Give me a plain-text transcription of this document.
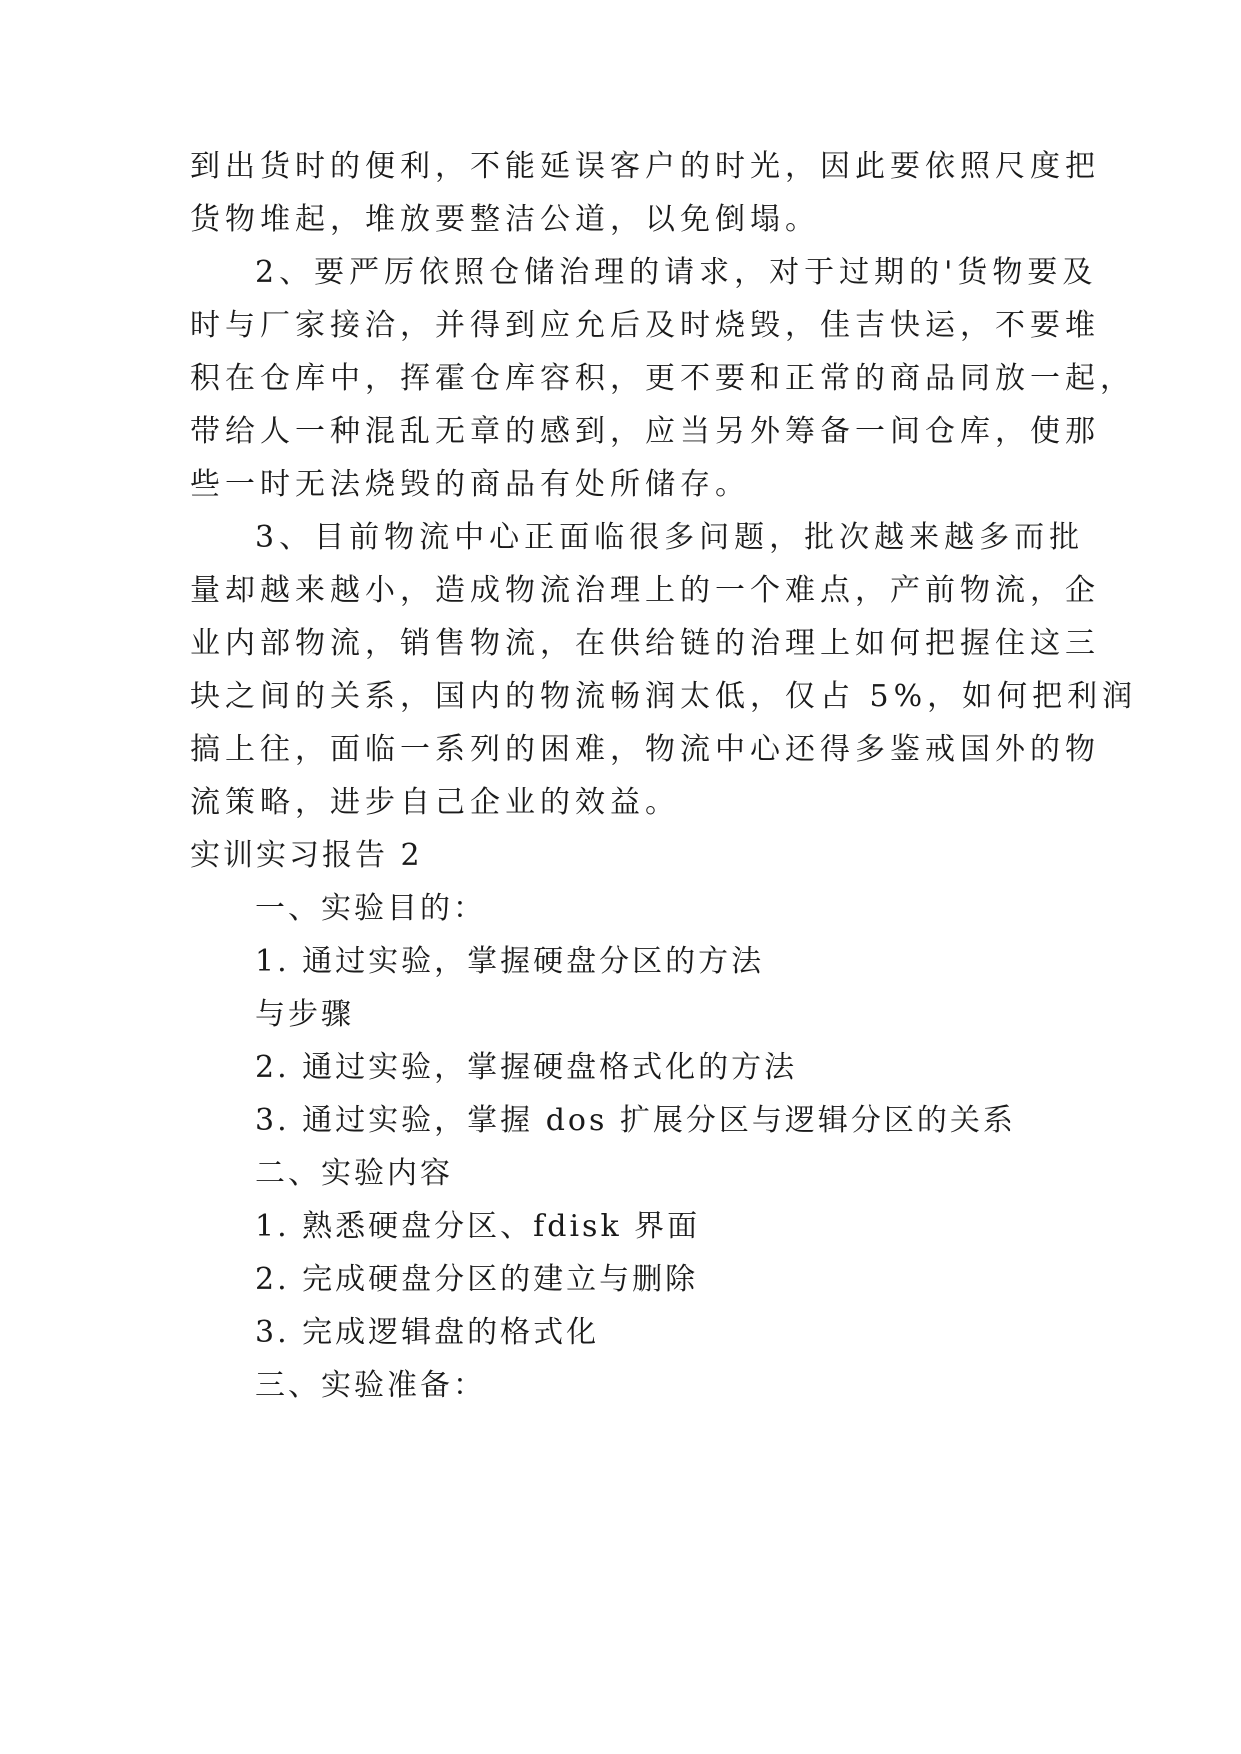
到出货时的便利，不能延误客户的时光，因此要依照尺度把
货物堆起，堆放要整洁公道，以免倒塌。
2、要严厉依照仓储治理的请求，对于过期的'货物要及
时与厂家接洽，并得到应允后及时烧毁，佳吉快运，不要堆
积在仓库中，挥霍仓库容积，更不要和正常的商品同放一起，
带给人一种混乱无章的感到，应当另外筹备一间仓库，使那
些一时无法烧毁的商品有处所储存。
3、目前物流中心正面临很多问题，批次越来越多而批
量却越来越小，造成物流治理上的一个难点，产前物流，企
业内部物流，销售物流，在供给链的治理上如何把握住这三
块之间的关系，国内的物流畅润太低，仅占 5%，如何把利润
搞上往，面临一系列的困难，物流中心还得多鉴戒国外的物
流策略，进步自己企业的效益。
实训实习报告 2
一、实验目的：
1. 通过实验，掌握硬盘分区的方法
与步骤
2. 通过实验，掌握硬盘格式化的方法
3. 通过实验，掌握 dos 扩展分区与逻辑分区的关系
二、实验内容
1. 熟悉硬盘分区、fdisk 界面
2. 完成硬盘分区的建立与删除
3. 完成逻辑盘的格式化
三、实验准备：
